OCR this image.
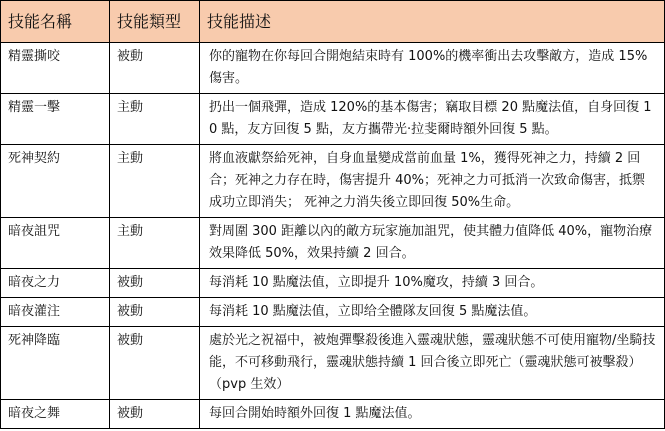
技能名稱	技能類型	技能描述
精靈撕咬	被動	你的寵物在你每回合開炮結束時有 100%的機率衝出去攻擊敵方，造成 15%傷害。
精靈一擊	主動	扔出一個飛彈，造成 120%的基本傷害；竊取目標 20 點魔法值，自身回復 10 點，友方回復 5 點，友方攜帶光·拉斐爾時額外回復 5 點。
死神契約	主動	將血液獻祭給死神，自身血量變成當前血量 1%，獲得死神之力，持續 2 回合；死神之力存在時，傷害提升 40%；死神之力可抵消一次致命傷害，抵禦成功立即消失； 死神之力消失後立即回復 50%生命。
暗夜詛咒	主動	對周圍 300 距離以內的敵方玩家施加詛咒，使其體力值降低 40%，寵物治療效果降低 50%，效果持續 2 回合。
暗夜之力	被動	每消耗 10 點魔法值，立即提升 10%魔攻，持續 3 回合。
暗夜灌注	被動	每消耗 10 點魔法值，立即给全體隊友回復 5 點魔法值。
死神降臨	被動	處於光之祝福中，被炮彈擊殺後進入靈魂狀態，靈魂狀態不可使用寵物/坐騎技能，不可移動飛行，靈魂狀態持續 1 回合後立即死亡（靈魂狀態可被擊殺） （pvp 生效）
暗夜之舞	被動	每回合開始時額外回復 1 點魔法值。
